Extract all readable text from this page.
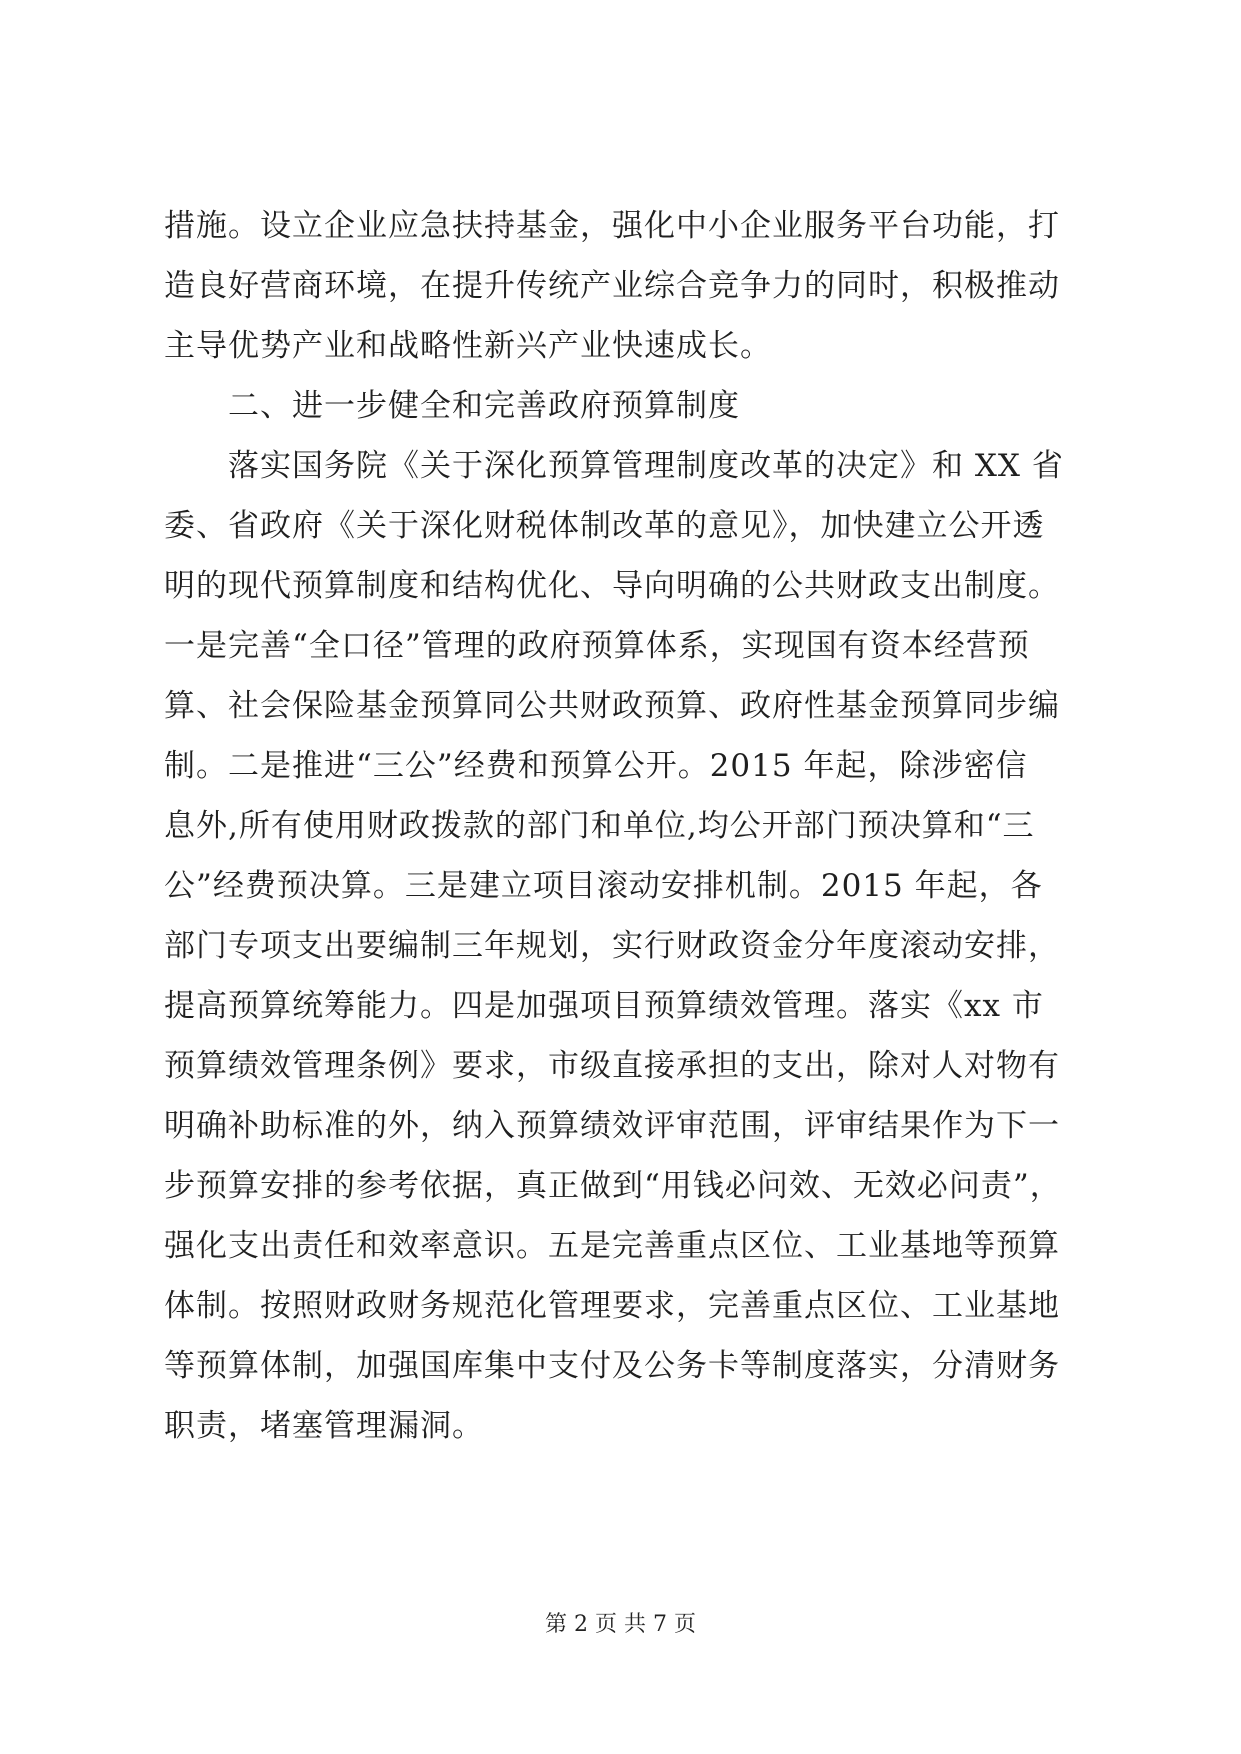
措施。设立企业应急扶持基金，强化中小企业服务平台功能，打
造良好营商环境，在提升传统产业综合竞争力的同时，积极推动
主导优势产业和战略性新兴产业快速成长。
二、进一步健全和完善政府预算制度
落实国务院《关于深化预算管理制度改革的决定》和 XX 省
委、省政府《关于深化财税体制改革的意见》，加快建立公开透
明的现代预算制度和结构优化、导向明确的公共财政支出制度。
一是完善“全口径”管理的政府预算体系，实现国有资本经营预
算、社会保险基金预算同公共财政预算、政府性基金预算同步编
制。二是推进“三公”经费和预算公开。2015 年起，除涉密信
息外,所有使用财政拨款的部门和单位,均公开部门预决算和“三
公”经费预决算。三是建立项目滚动安排机制。2015 年起，各
部门专项支出要编制三年规划，实行财政资金分年度滚动安排，
提高预算统筹能力。四是加强项目预算绩效管理。落实《xx 市
预算绩效管理条例》要求，市级直接承担的支出，除对人对物有
明确补助标准的外，纳入预算绩效评审范围，评审结果作为下一
步预算安排的参考依据，真正做到“用钱必问效、无效必问责”，
强化支出责任和效率意识。五是完善重点区位、工业基地等预算
体制。按照财政财务规范化管理要求，完善重点区位、工业基地
等预算体制，加强国库集中支付及公务卡等制度落实，分清财务
职责，堵塞管理漏洞。
第 2 页 共 7 页
